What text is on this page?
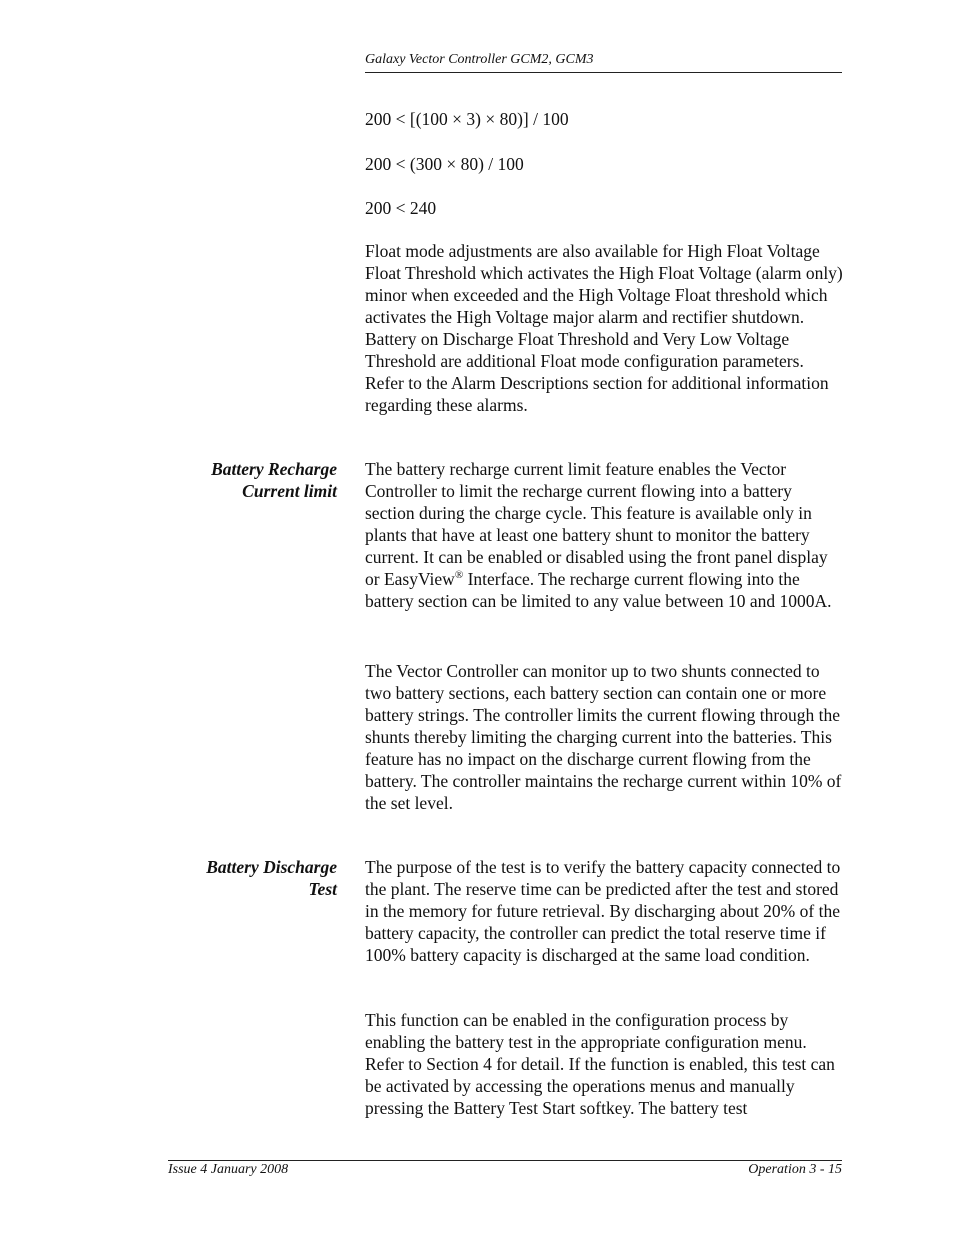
Galaxy Vector Controller GCM2, GCM3

200 < [(100 × 3) × 80)] / 100

200 < (300 × 80) / 100

200 < 240

Float mode adjustments are also available for High Float Voltage Float Threshold which activates the High Float Voltage (alarm only) minor when exceeded and the High Voltage Float threshold which activates the High Voltage major alarm and rectifier shutdown. Battery on Discharge Float Threshold and Very Low Voltage Threshold are additional Float mode configuration parameters. Refer to the Alarm Descriptions section for additional information regarding these alarms.

Battery Recharge
Current limit

The battery recharge current limit feature enables the Vector Controller to limit the recharge current flowing into a battery section during the charge cycle. This feature is available only in plants that have at least one battery shunt to monitor the battery current. It can be enabled or disabled using the front panel display or EasyView® Interface. The recharge current flowing into the battery section can be limited to any value between 10 and 1000A.

The Vector Controller can monitor up to two shunts connected to two battery sections, each battery section can contain one or more battery strings. The controller limits the current flowing through the shunts thereby limiting the charging current into the batteries. This feature has no impact on the discharge current flowing from the battery. The controller maintains the recharge current within 10% of the set level.

Battery Discharge
Test

The purpose of the test is to verify the battery capacity connected to the plant. The reserve time can be predicted after the test and stored in the memory for future retrieval. By discharging about 20% of the battery capacity, the controller can predict the total reserve time if 100% battery capacity is discharged at the same load condition.

This function can be enabled in the configuration process by enabling the battery test in the appropriate configuration menu. Refer to Section 4 for detail. If the function is enabled, this test can be activated by accessing the operations menus and manually pressing the Battery Test Start softkey. The battery test

Issue 4 January 2008	Operation 3 - 15
